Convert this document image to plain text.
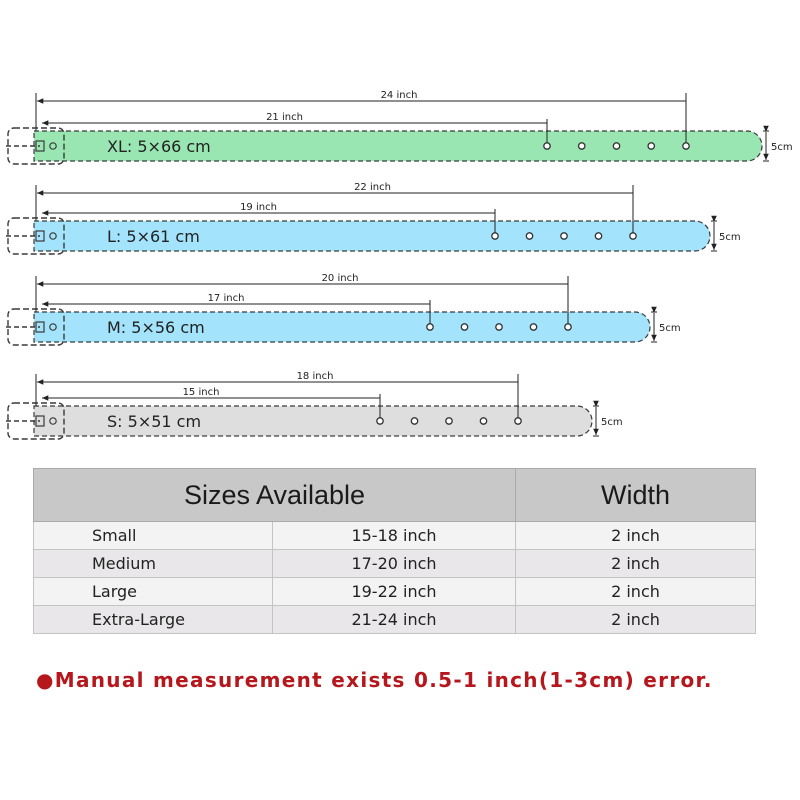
XL: 5×66 cm
24 inch
21 inch
5cm
L: 5×61 cm
22 inch
19 inch
5cm
M: 5×56 cm
20 inch
17 inch
5cm
S: 5×51 cm
18 inch
15 inch
5cm
Sizes Available		Width
Small	15-18 inch	2 inch
Medium	17-20 inch	2 inch
Large	19-22 inch	2 inch
Extra-Large	21-24 inch	2 inch

●Manual measurement exists 0.5-1 inch(1-3cm) error.
